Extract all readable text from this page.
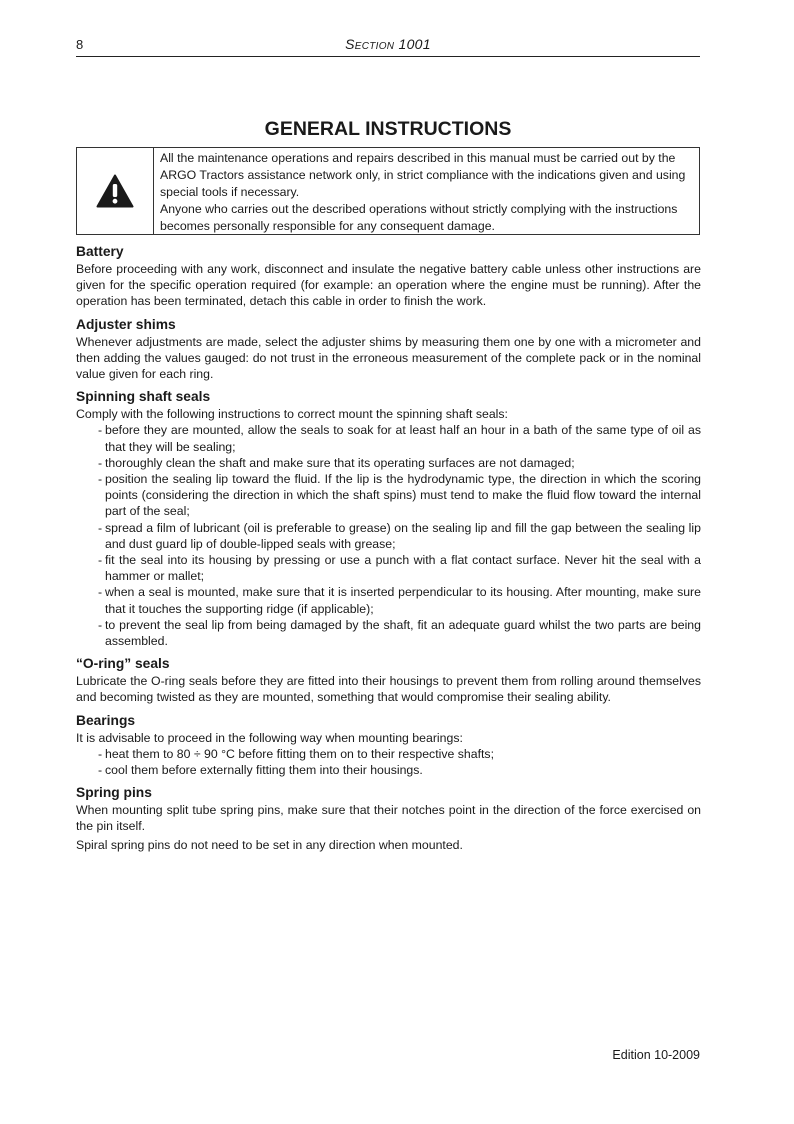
8	Section 1001
GENERAL INSTRUCTIONS

All the maintenance operations and repairs described in this manual must be carried out by the ARGO Tractors assistance network only, in strict compliance with the indications given and using special tools if necessary.

Anyone who carries out the described operations without strictly complying with the instructions becomes personally responsible for any consequent damage.

Battery

Before proceeding with any work, disconnect and insulate the negative battery cable unless other instructions are given for the specific operation required (for example: an operation where the engine must be running). After the operation has been terminated, detach this cable in order to finish the work.

Adjuster shims

Whenever adjustments are made, select the adjuster shims by measuring them one by one with a micrometer and then adding the values gauged: do not trust in the erroneous measurement of the complete pack or in the nominal value given for each ring.

Spinning shaft seals

Comply with the following instructions to correct mount the spinning shaft seals:

- before they are mounted, allow the seals to soak for at least half an hour in a bath of the same type of oil as that they will be sealing;
- thoroughly clean the shaft and make sure that its operating surfaces are not damaged;
- position the sealing lip toward the fluid. If the lip is the hydrodynamic type, the direction in which the scoring points (considering the direction in which the shaft spins) must tend to make the fluid flow toward the internal part of the seal;
- spread a film of lubricant (oil is preferable to grease) on the sealing lip and fill the gap between the sealing lip and dust guard lip of double-lipped seals with grease;
- fit the seal into its housing by pressing or use a punch with a flat contact surface. Never hit the seal with a hammer or mallet;
- when a seal is mounted, make sure that it is inserted perpendicular to its housing. After mounting, make sure that it touches the supporting ridge (if applicable);
- to prevent the seal lip from being damaged by the shaft, fit an adequate guard whilst the two parts are being assembled.
“O-ring” seals

Lubricate the O-ring seals before they are fitted into their housings to prevent them from rolling around themselves and becoming twisted as they are mounted, something that would compromise their sealing ability.

Bearings

It is advisable to proceed in the following way when mounting bearings:

- heat them to 80 ÷ 90 °C before fitting them on to their respective shafts;
- cool them before externally fitting them into their housings.
Spring pins

When mounting split tube spring pins, make sure that their notches point in the direction of the force exercised on the pin itself.

Spiral spring pins do not need to be set in any direction when mounted.

Edition 10-2009
